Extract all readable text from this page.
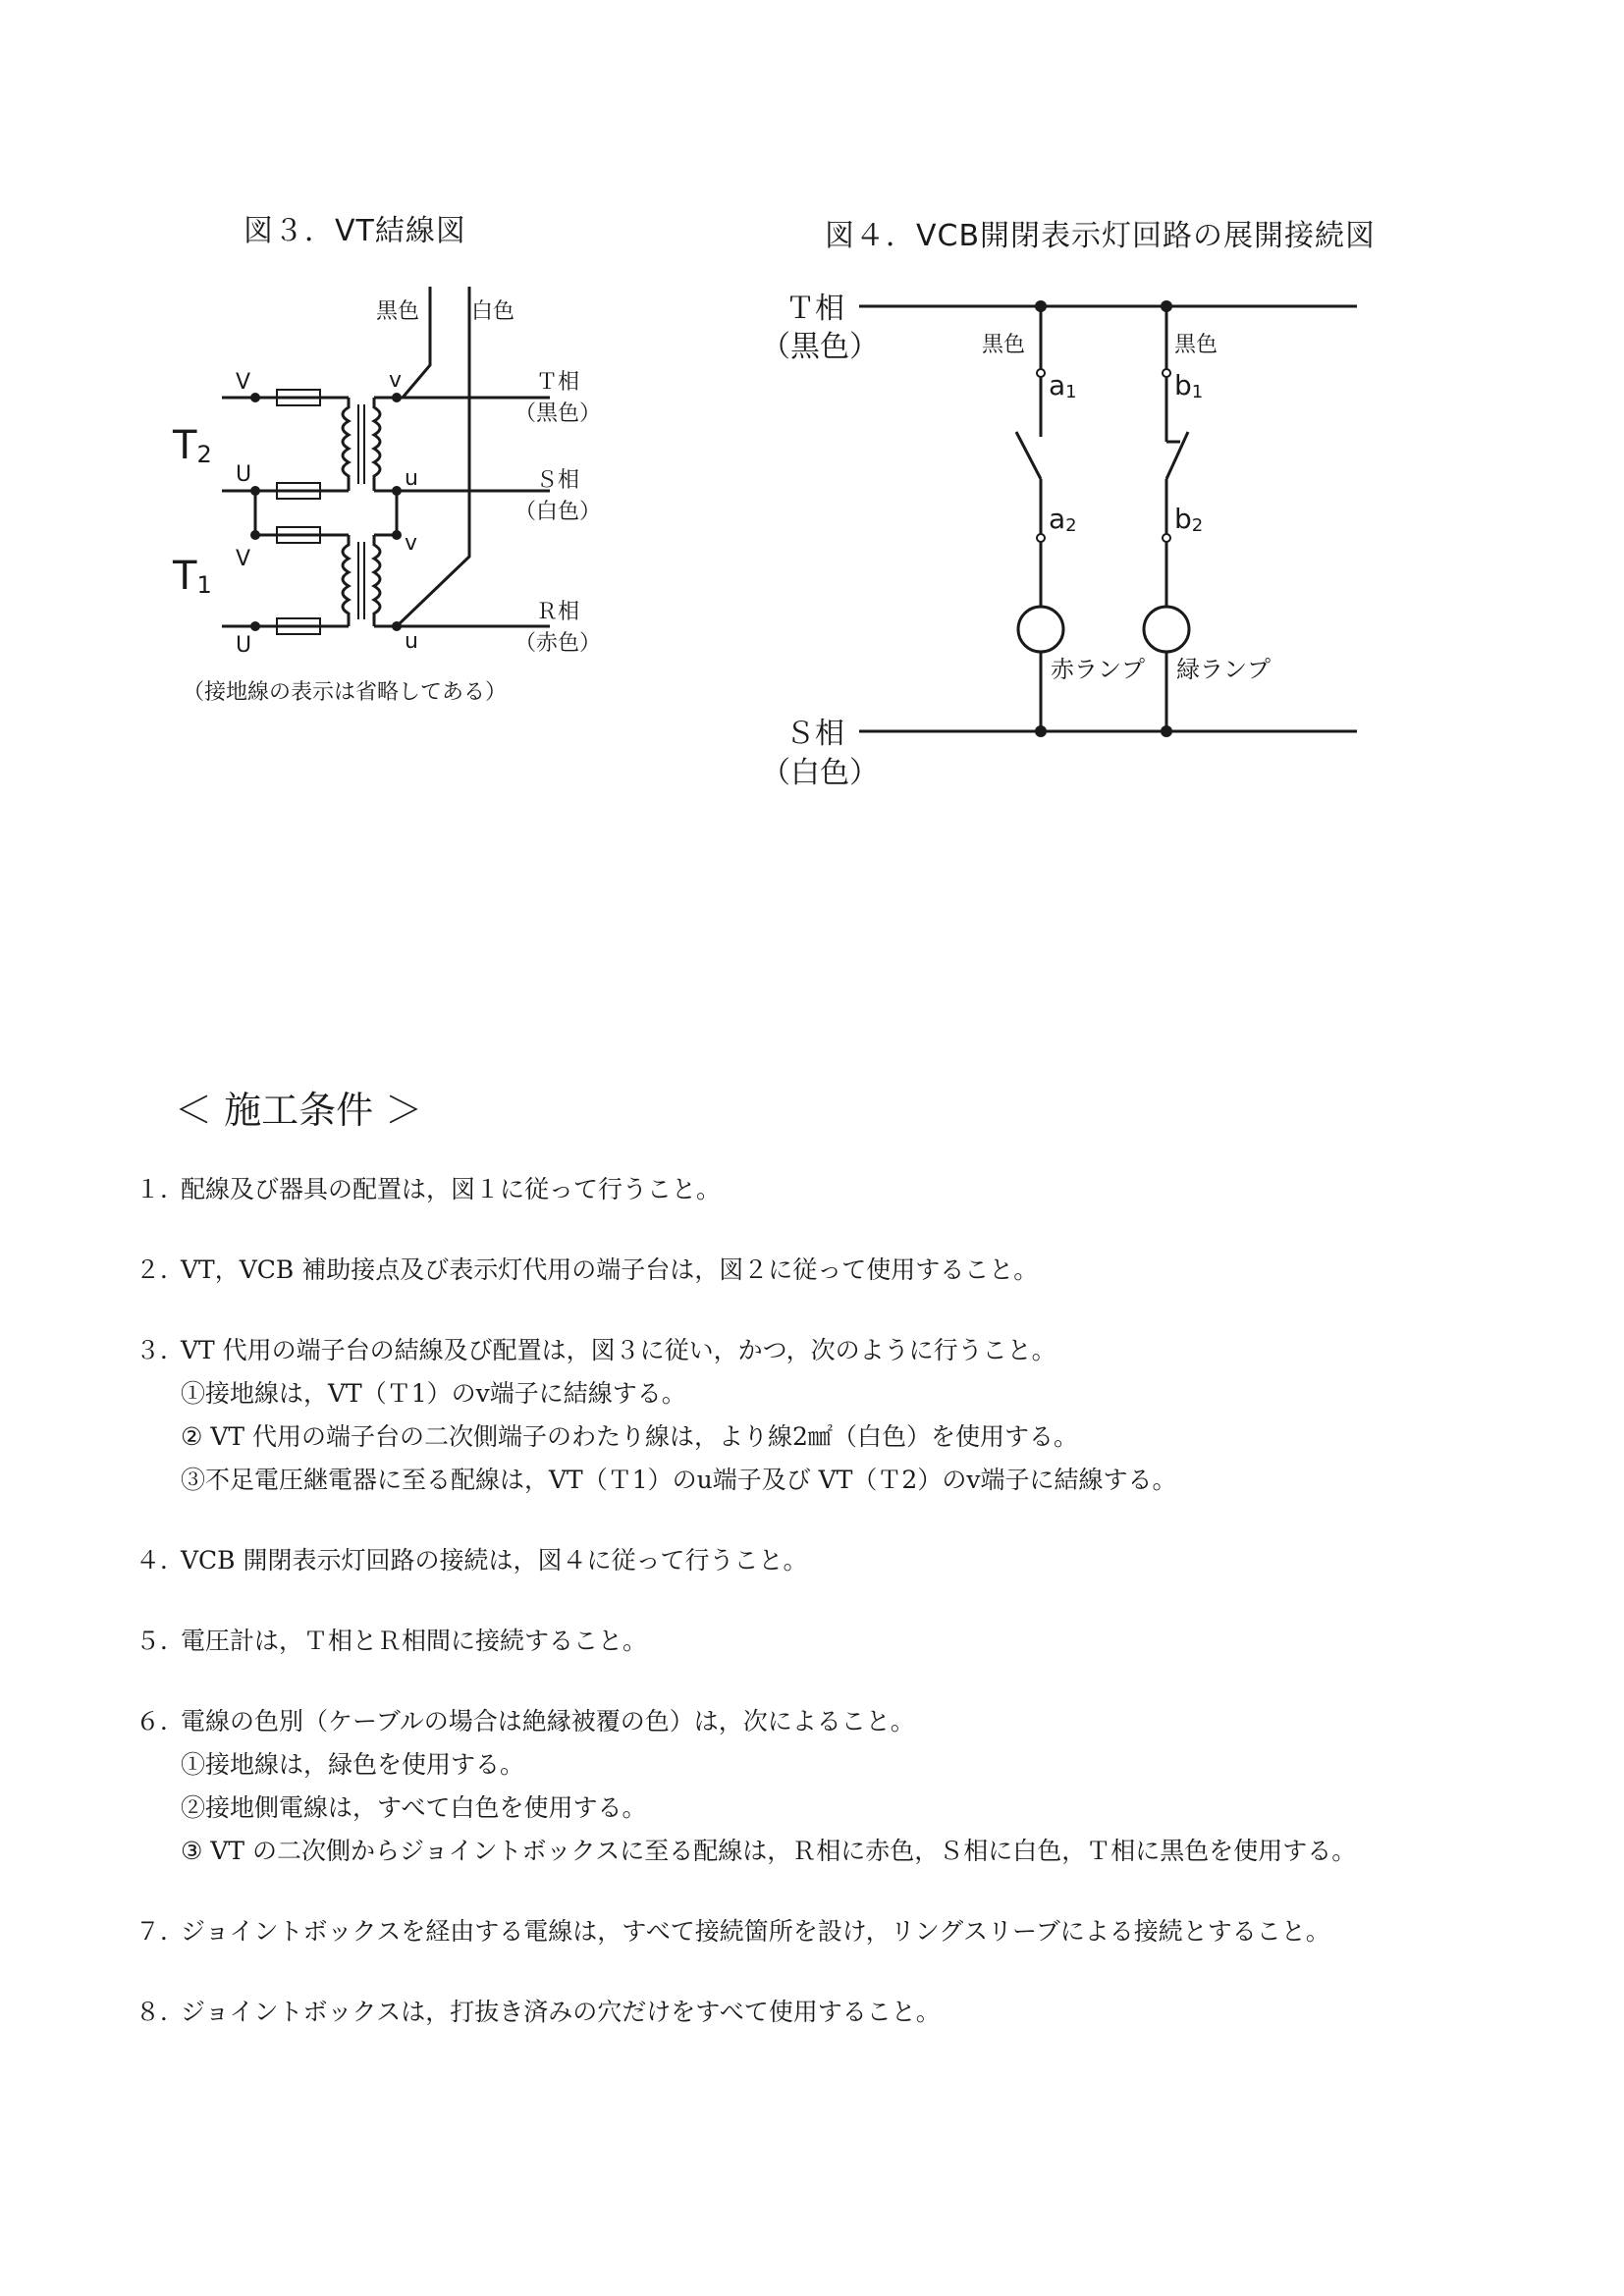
図３．VT結線図
黒色 白色
T2
T1
V
U
V
U
v
u
v
u
Ｔ相
（黒色）
Ｓ相
（白色）
Ｒ相
（赤色）
（接地線の表示は省略してある）
図４．VCB開閉表示灯回路の展開接続図
Ｔ相
（黒色）
Ｓ相
（白色）
黒色	黒色
a1
a2
b1
b2
赤ランプ 緑ランプ
＜ 施工条件 ＞
１．配線及び器具の配置は，図１に従って行うこと。
２．VT，VCB 補助接点及び表示灯代用の端子台は，図２に従って使用すること。
３．VT 代用の端子台の結線及び配置は，図３に従い，かつ，次のように行うこと。
①接地線は，VT（Ｔ1）のv端子に結線する。
② VT 代用の端子台の二次側端子のわたり線は，より線2㎟（白色）を使用する。
③不足電圧継電器に至る配線は，VT（Ｔ1）のu端子及び VT（Ｔ2）のv端子に結線する。
４．VCB 開閉表示灯回路の接続は，図４に従って行うこと。
５．電圧計は，Ｔ相とＲ相間に接続すること。
６．電線の色別（ケーブルの場合は絶縁被覆の色）は，次によること。
①接地線は，緑色を使用する。
②接地側電線は，すべて白色を使用する。
③ VT の二次側からジョイントボックスに至る配線は，Ｒ相に赤色，Ｓ相に白色，Ｔ相に黒色を使用する。
７．ジョイントボックスを経由する電線は，すべて接続箇所を設け，リングスリーブによる接続とすること。
８．ジョイントボックスは，打抜き済みの穴だけをすべて使用すること。
